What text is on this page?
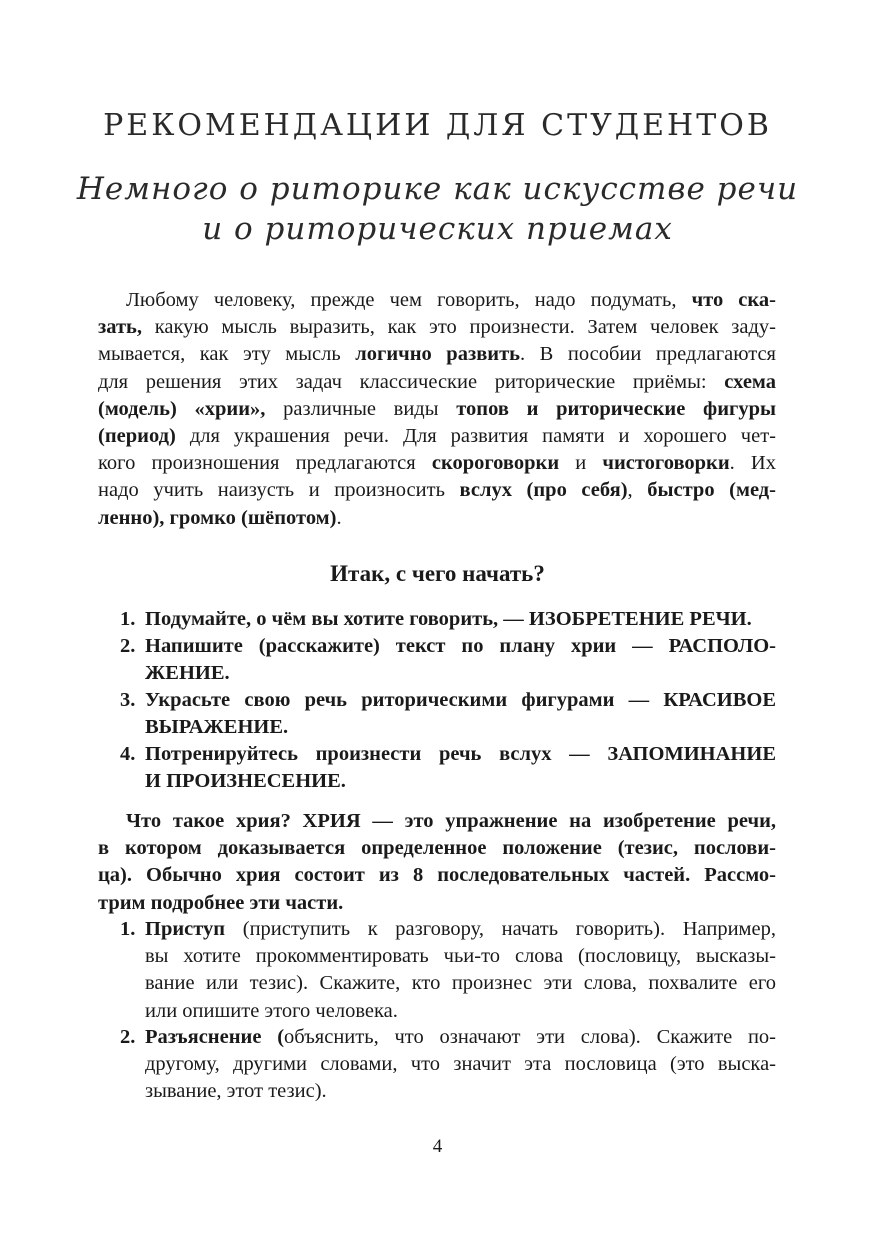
РЕКОМЕНДАЦИИ ДЛЯ СТУДЕНТОВ
Немного о риторике как искусстве речи
и о риторических приемах
Любому человеку, прежде чем говорить, надо подумать, что ска-
зать, какую мысль выразить, как это произнести. Затем человек заду-
мывается, как эту мысль логично развить. В пособии предлагаются
для решения этих задач классические риторические приёмы: схема
(модель) «хрии», различные виды топов и риторические фигуры
(период) для украшения речи. Для развития памяти и хорошего чет-
кого произношения предлагаются скороговорки и чистоговорки. Их
надо учить наизусть и произносить вслух (про себя), быстро (мед-
ленно), громко (шёпотом).
Итак, с чего начать?
1. Подумайте, о чём вы хотите говорить, — ИЗОБРЕТЕНИЕ РЕЧИ.
2. Напишите (расскажите) текст по плану хрии — РАСПОЛО-
ЖЕНИЕ.
3. Украсьте свою речь риторическими фигурами — КРАСИВОЕ
ВЫРАЖЕНИЕ.
4. Потренируйтесь произнести речь вслух — ЗАПОМИНАНИЕ
И ПРОИЗНЕСЕНИЕ.
Что такое хрия? ХРИЯ — это упражнение на изобретение речи,
в котором доказывается определенное положение (тезис, послови-
ца). Обычно хрия состоит из 8 последовательных частей. Рассмо-
трим подробнее эти части.
1. Приступ (приступить к разговору, начать говорить). Например,
вы хотите прокомментировать чьи-то слова (пословицу, высказы-
вание или тезис). Скажите, кто произнес эти слова, похвалите его
или опишите этого человека.
2. Разъяснение (объяснить, что означают эти слова). Скажите по-
другому, другими словами, что значит эта пословица (это выска-
зывание, этот тезис).
4
